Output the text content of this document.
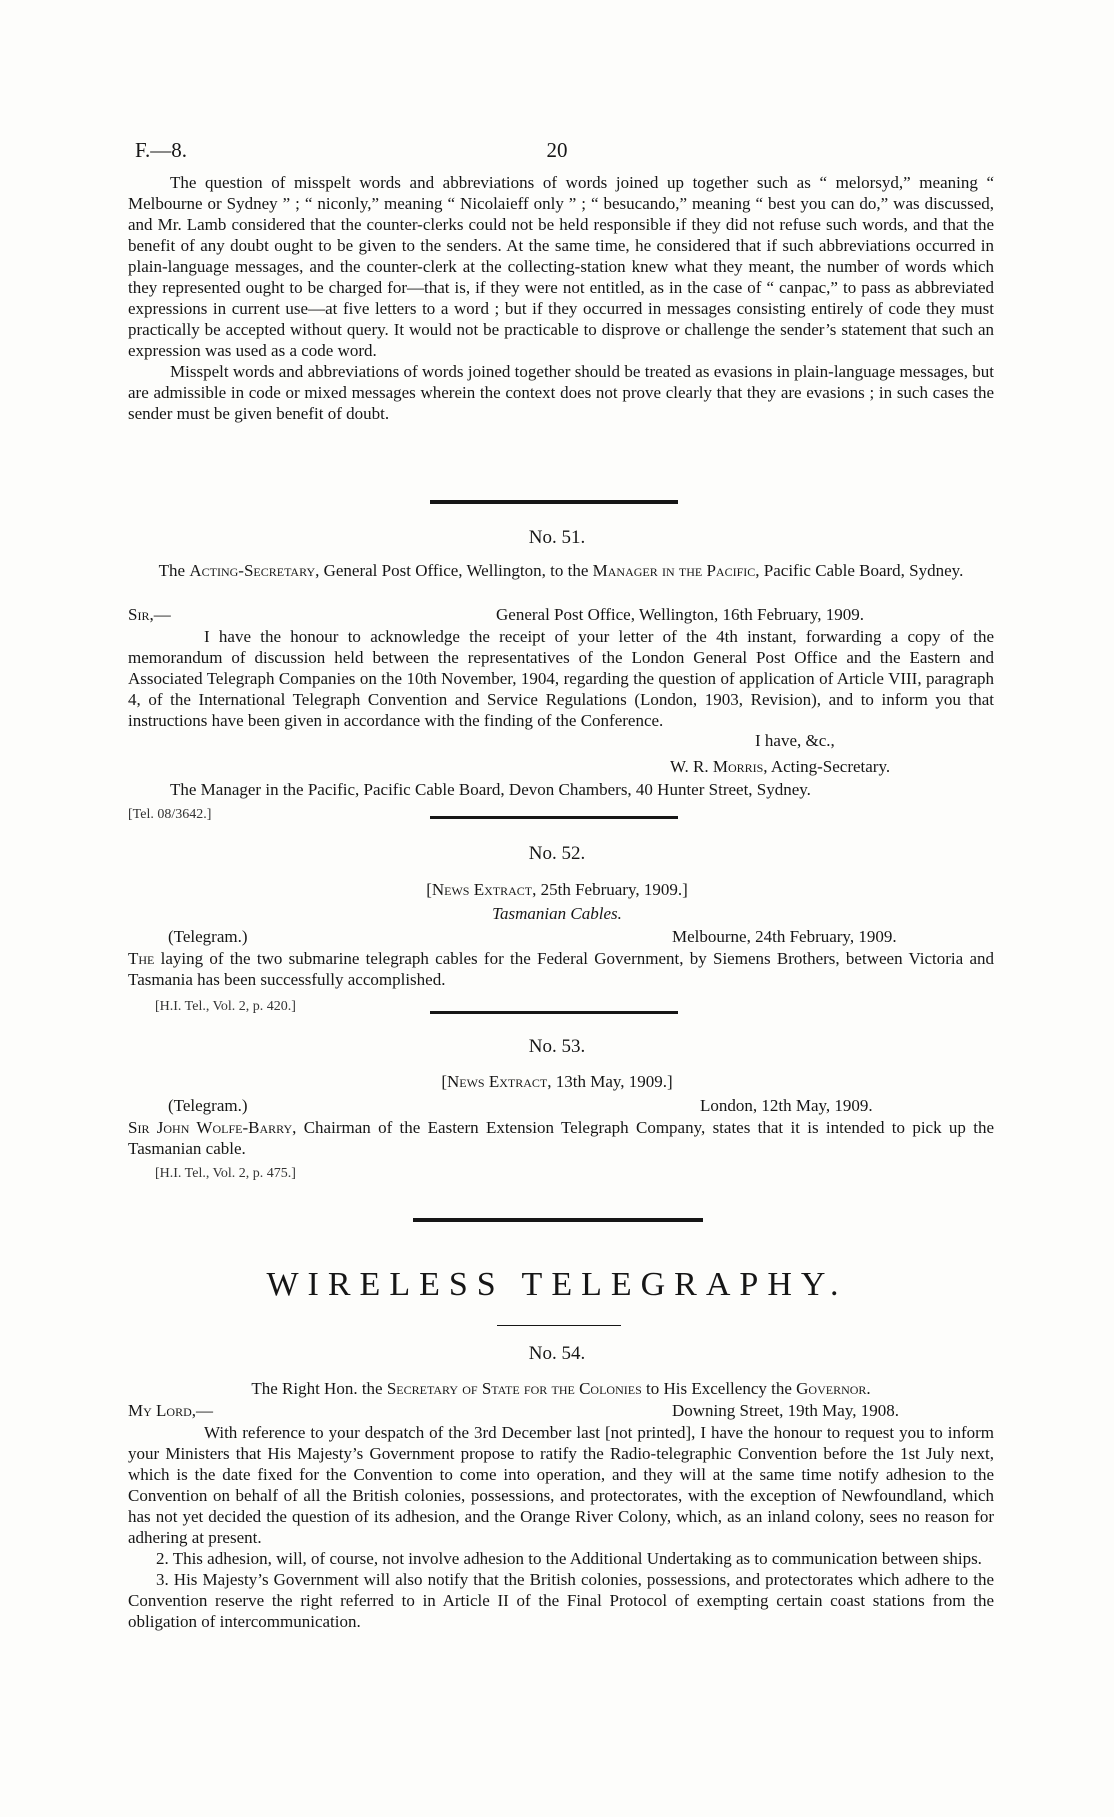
F.—8.	20

The question of misspelt words and abbreviations of words joined up together such as “ melorsyd,” meaning “ Melbourne or Sydney ” ; “ niconly,” meaning “ Nicolaieff only ” ; “ besucando,” meaning “ best you can do,” was discussed, and Mr. Lamb considered that the counter-clerks could not be held responsible if they did not refuse such words, and that the benefit of any doubt ought to be given to the senders. At the same time, he considered that if such abbreviations occurred in plain-language messages, and the counter-clerk at the collecting-station knew what they meant, the number of words which they represented ought to be charged for—that is, if they were not entitled, as in the case of “ canpac,” to pass as abbreviated expressions in current use—at five letters to a word ; but if they occurred in messages consisting entirely of code they must practically be accepted without query. It would not be practicable to disprove or challenge the sender’s statement that such an expression was used as a code word.

Misspelt words and abbreviations of words joined together should be treated as evasions in plain-language messages, but are admissible in code or mixed messages wherein the context does not prove clearly that they are evasions ; in such cases the sender must be given benefit of doubt.

No. 51.
The Acting-Secretary, General Post Office, Wellington, to the Manager in the Pacific, Pacific Cable Board, Sydney.
Sir,—	General Post Office, Wellington, 16th February, 1909.

I have the honour to acknowledge the receipt of your letter of the 4th instant, forwarding a copy of the memorandum of discussion held between the representatives of the London General Post Office and the Eastern and Associated Telegraph Companies on the 10th November, 1904, regarding the question of application of Article VIII, paragraph 4, of the International Telegraph Convention and Service Regulations (London, 1903, Revision), and to inform you that instructions have been given in accordance with the finding of the Conference.

I have, &c.,
W. R. Morris, Acting-Secretary.
The Manager in the Pacific, Pacific Cable Board, Devon Chambers, 40 Hunter Street, Sydney.
[Tel. 08/3642.]
No. 52.
[News Extract, 25th February, 1909.]
Tasmanian Cables.
(Telegram.)	Melbourne, 24th February, 1909.

The laying of the two submarine telegraph cables for the Federal Government, by Siemens Brothers, between Victoria and Tasmania has been successfully accomplished.

[H.I. Tel., Vol. 2, p. 420.]
No. 53.
[News Extract, 13th May, 1909.]
(Telegram.)	London, 12th May, 1909.

Sir John Wolfe-Barry, Chairman of the Eastern Extension Telegraph Company, states that it is intended to pick up the Tasmanian cable.

[H.I. Tel., Vol. 2, p. 475.]
WIRELESS TELEGRAPHY.
No. 54.
The Right Hon. the Secretary of State for the Colonies to His Excellency the Governor.
My Lord,—	Downing Street, 19th May, 1908.

With reference to your despatch of the 3rd December last [not printed], I have the honour to request you to inform your Ministers that His Majesty’s Government propose to ratify the Radio-telegraphic Convention before the 1st July next, which is the date fixed for the Convention to come into operation, and they will at the same time notify adhesion to the Convention on behalf of all the British colonies, possessions, and protectorates, with the exception of Newfoundland, which has not yet decided the question of its adhesion, and the Orange River Colony, which, as an inland colony, sees no reason for adhering at present.

2. This adhesion, will, of course, not involve adhesion to the Additional Undertaking as to communication between ships.

3. His Majesty’s Government will also notify that the British colonies, possessions, and protectorates which adhere to the Convention reserve the right referred to in Article II of the Final Protocol of exempting certain coast stations from the obligation of intercommunication.
